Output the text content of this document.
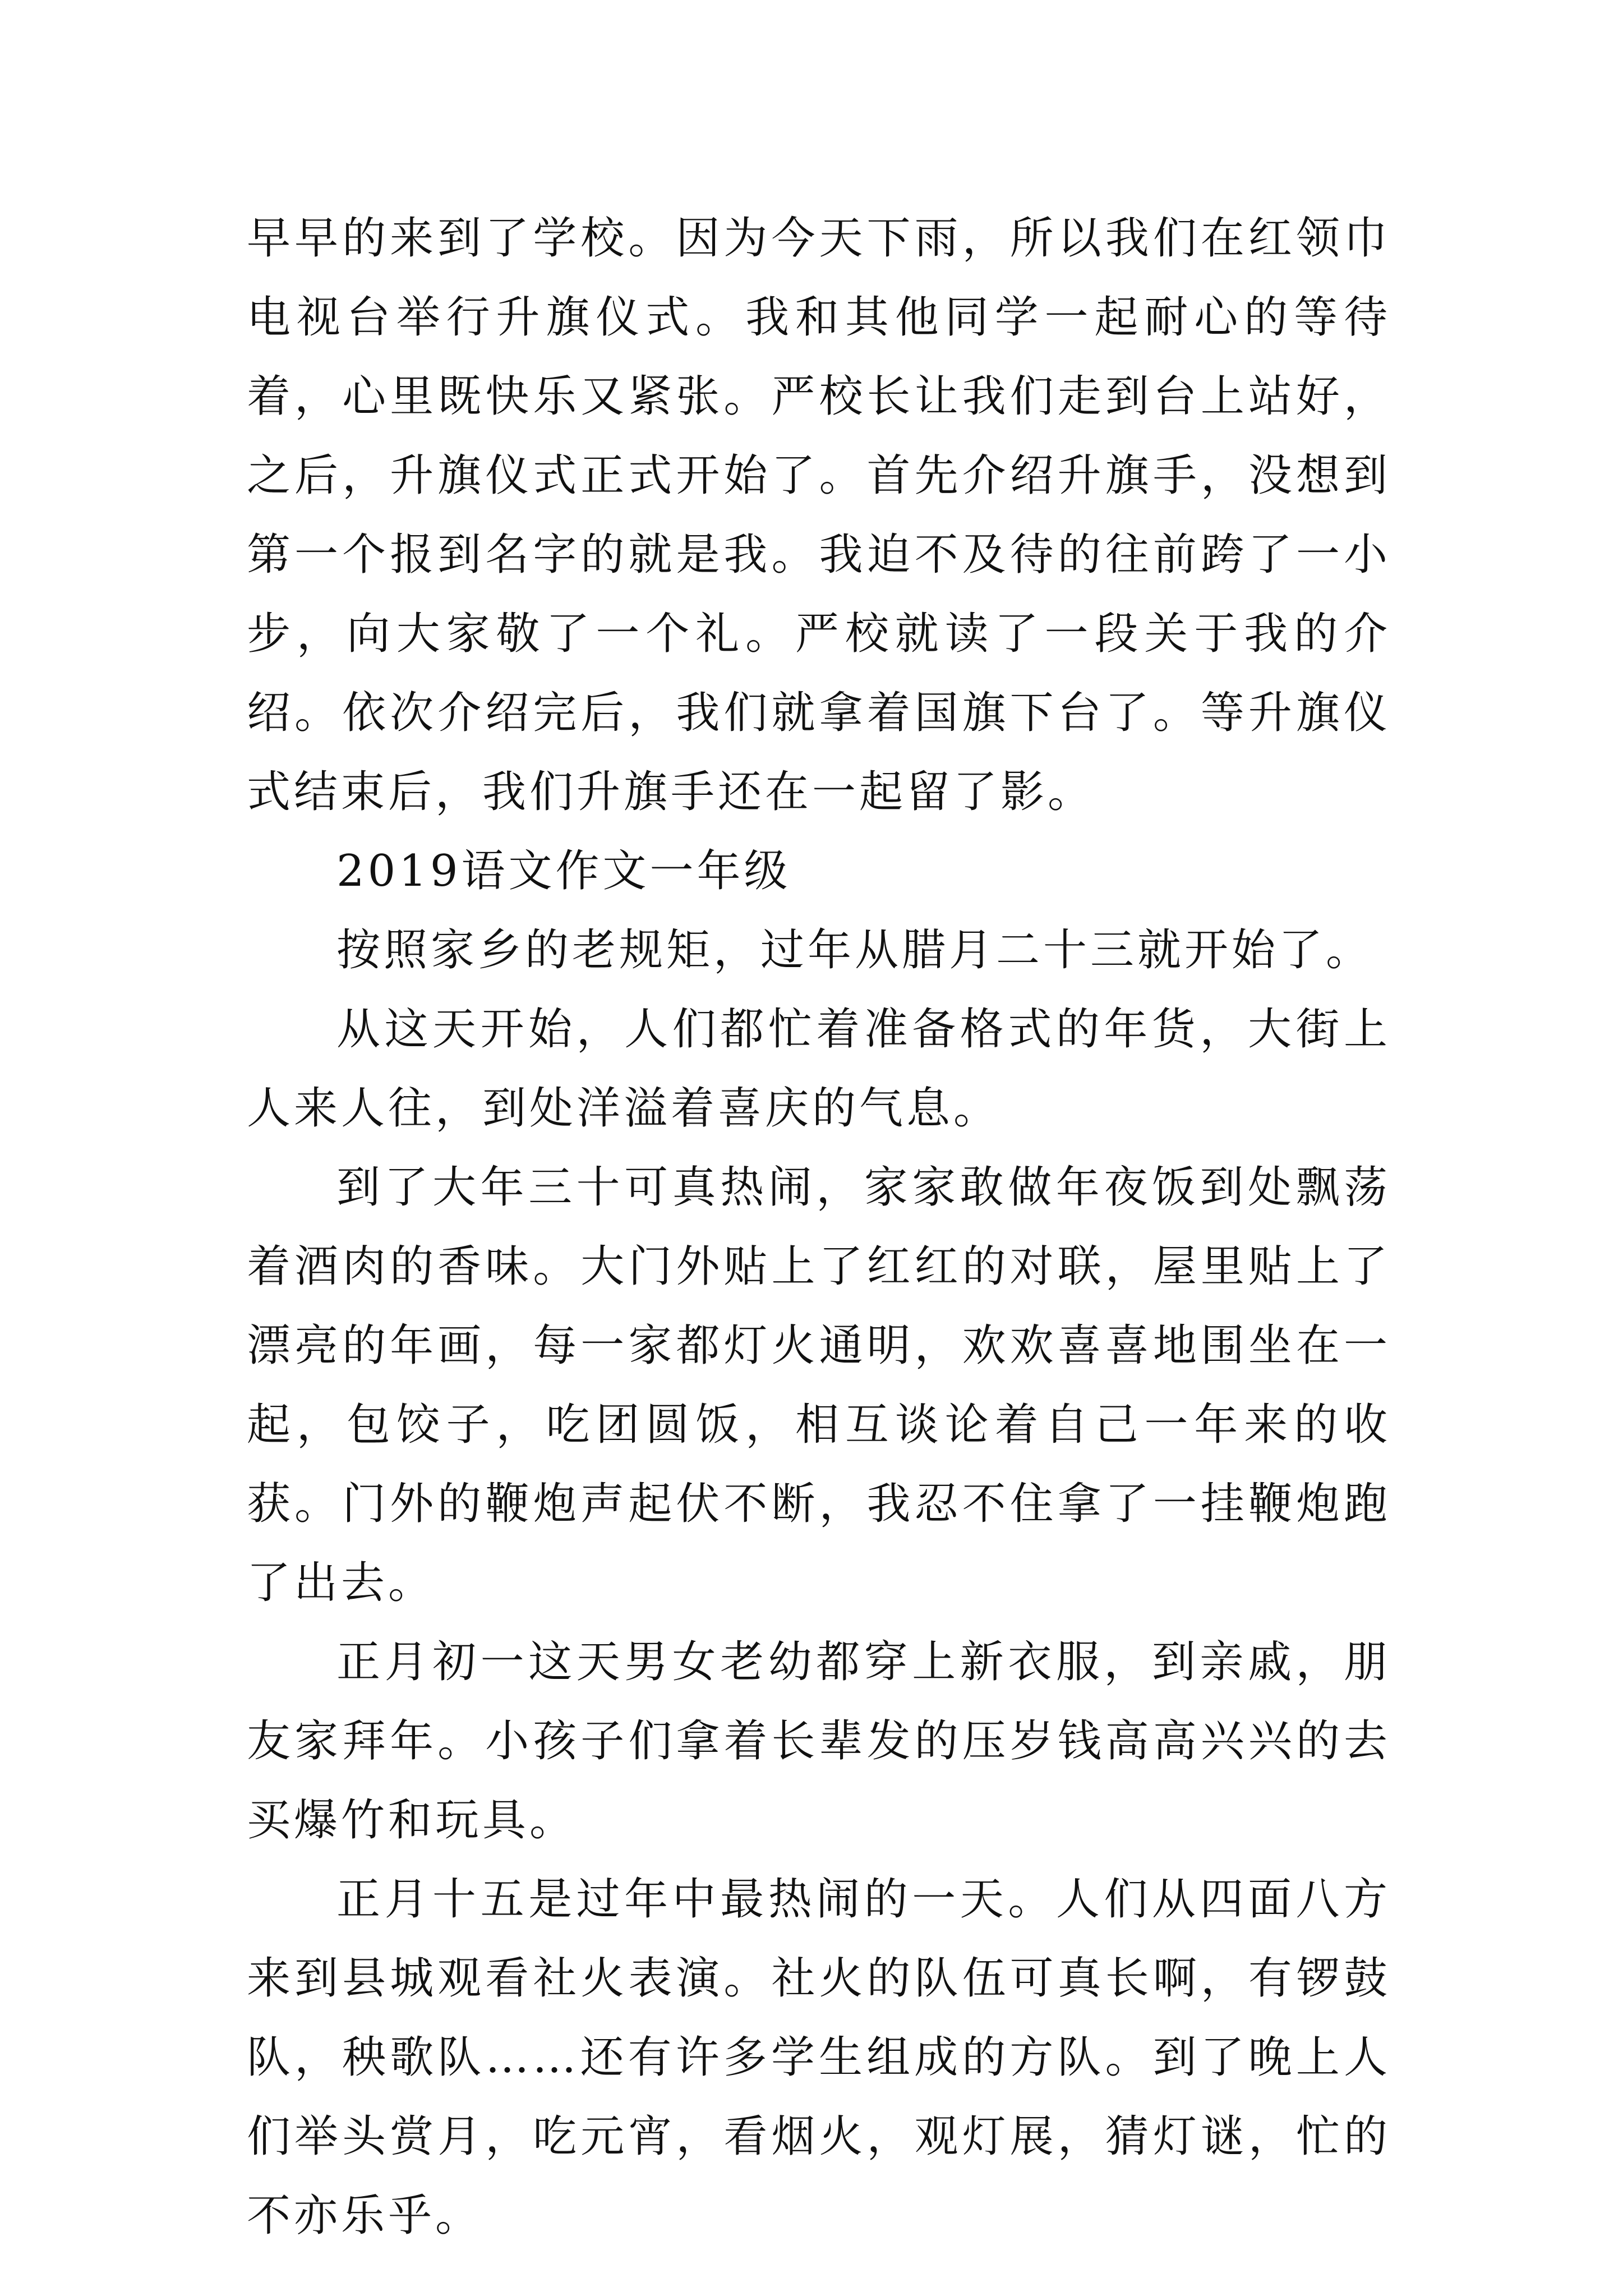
早早的来到了学校。因为今天下雨，所以我们在红领巾电视台举行升旗仪式。我和其他同学一起耐心的等待着，心里既快乐又紧张。严校长让我们走到台上站好，之后，升旗仪式正式开始了。首先介绍升旗手，没想到第一个报到名字的就是我。我迫不及待的往前跨了一小步，向大家敬了一个礼。严校就读了一段关于我的介绍。依次介绍完后，我们就拿着国旗下台了。等升旗仪式结束后，我们升旗手还在一起留了影。

2019语文作文一年级

按照家乡的老规矩，过年从腊月二十三就开始了。

从这天开始，人们都忙着准备格式的年货，大街上人来人往，到处洋溢着喜庆的气息。

到了大年三十可真热闹，家家敢做年夜饭到处飘荡着酒肉的香味。大门外贴上了红红的对联，屋里贴上了漂亮的年画，每一家都灯火通明，欢欢喜喜地围坐在一起，包饺子，吃团圆饭，相互谈论着自己一年来的收获。门外的鞭炮声起伏不断，我忍不住拿了一挂鞭炮跑了出去。

正月初一这天男女老幼都穿上新衣服，到亲戚，朋友家拜年。小孩子们拿着长辈发的压岁钱高高兴兴的去买爆竹和玩具。

正月十五是过年中最热闹的一天。人们从四面八方来到县城观看社火表演。社火的队伍可真长啊，有锣鼓队，秧歌队……还有许多学生组成的方队。到了晚上人们举头赏月，吃元宵，看烟火，观灯展，猜灯谜，忙的不亦乐乎。
